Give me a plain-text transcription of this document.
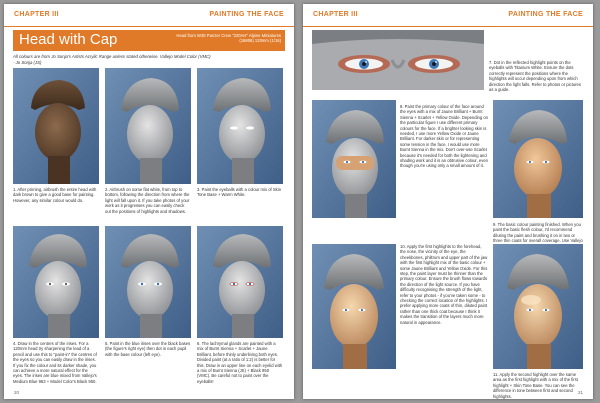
CHAPTER III	PAINTING THE FACE
Head with Cap	Head from W35 Panzer Crew "220AH" Alpine Miniatures (16806) 120mm (1/16)
All colours are from Jo Sonja's Artists Acrylic Range unless stated otherwise. Vallejo Model Color (VMC) - Jo Sonja (JS)
1. After priming, airbrush the entire head with dark brown to give a good base for painting. However, any similar colour would do.
2. Airbrush on some flat white, from top to bottom, following the direction from where the light will fall upon it. If you take photos of your work as it progresses you can easily check out the positions of highlights and shadows.
3. Paint the eyeballs with a colour mix of Skin Tone Base + Warm White.
4. Draw in the centres of the irises. For a 120mm head try sharpening the lead of a pencil and use this to "paint-in" the centres of the eyes so you can easily draw in the irises. If you fix the colour and its darker shade, you can achieve a more natural effect for the eyes. The irises are blue mixed from Vallejo's Medium Blue 963 + Model Color's Black 950.
5. Paint in the blue irises over the black bases (the figure's right eye) then dot in each pupil with the base colour (left eye).
6. The lachrymal glands are painted with a mix of Burnt Sienna + Scarlet + Jaune Brilliant, before thinly underlining both eyes. Divided paint (at a ratio of 1:2) is better for this. Draw in an upper line on each eyelid with a mix of Burnt Sienna (JS) + Black 950 (VMC). Be careful not to paint over the eyeballs!
20
CHAPTER III	PAINTING THE FACE
7. Dot in the reflected highlight points on the eyeballs with Titanium White. Ensure the dots correctly represent the positions where the highlights will occur depending upon from which direction the light falls. Refer to photos or pictures as a guide.
8. Paint the primary colour of the face around the eyes with a mix of Jaune Brilliant + Burnt Sienna + Scarlet + Yellow Oxide. Depending on the particular figure I use different primary colours for the face. If a brighter looking skin is needed, I use more Yellow Oxide or Jaune Brilliant. For darker skin or for representing some tension in the face, I would use more Burnt Sienna in the mix. Don't over-use Scarlet because it's needed for both the lightening and shading work and it is an obtrusive colour, even though you're using only a small amount of it.
9. The basic colour painting finished. When you paint the basic flesh colour, I'd recommend diluting the paint and brushing it on in two or three thin coats for overall coverage. Use Vallejo
10. Apply the first highlights to the forehead, the nose, the vicinity of the eye, the cheekbones, philtrum and upper part of the jaw with the first highlight mix of the basic colour + some Jaune Brilliant and Yellow Oxide. For this step, the paint layer must be thinner than the primary colour. Ensure the brush flows towards the direction of the light source. If you have difficulty recognising the strength of the light, refer to your photos - if you've taken some - to checking the correct location of the highlights. I prefer applying more coats of thin, diluted paint rather than one thick coat because I think it makes the transition of the layers much more natural in appearance.
11. Apply the second highlight over the same area as the first highlight with a mix of the first highlight + Skin Tone Base. You can see the difference in tone between first and second highlights.
21
